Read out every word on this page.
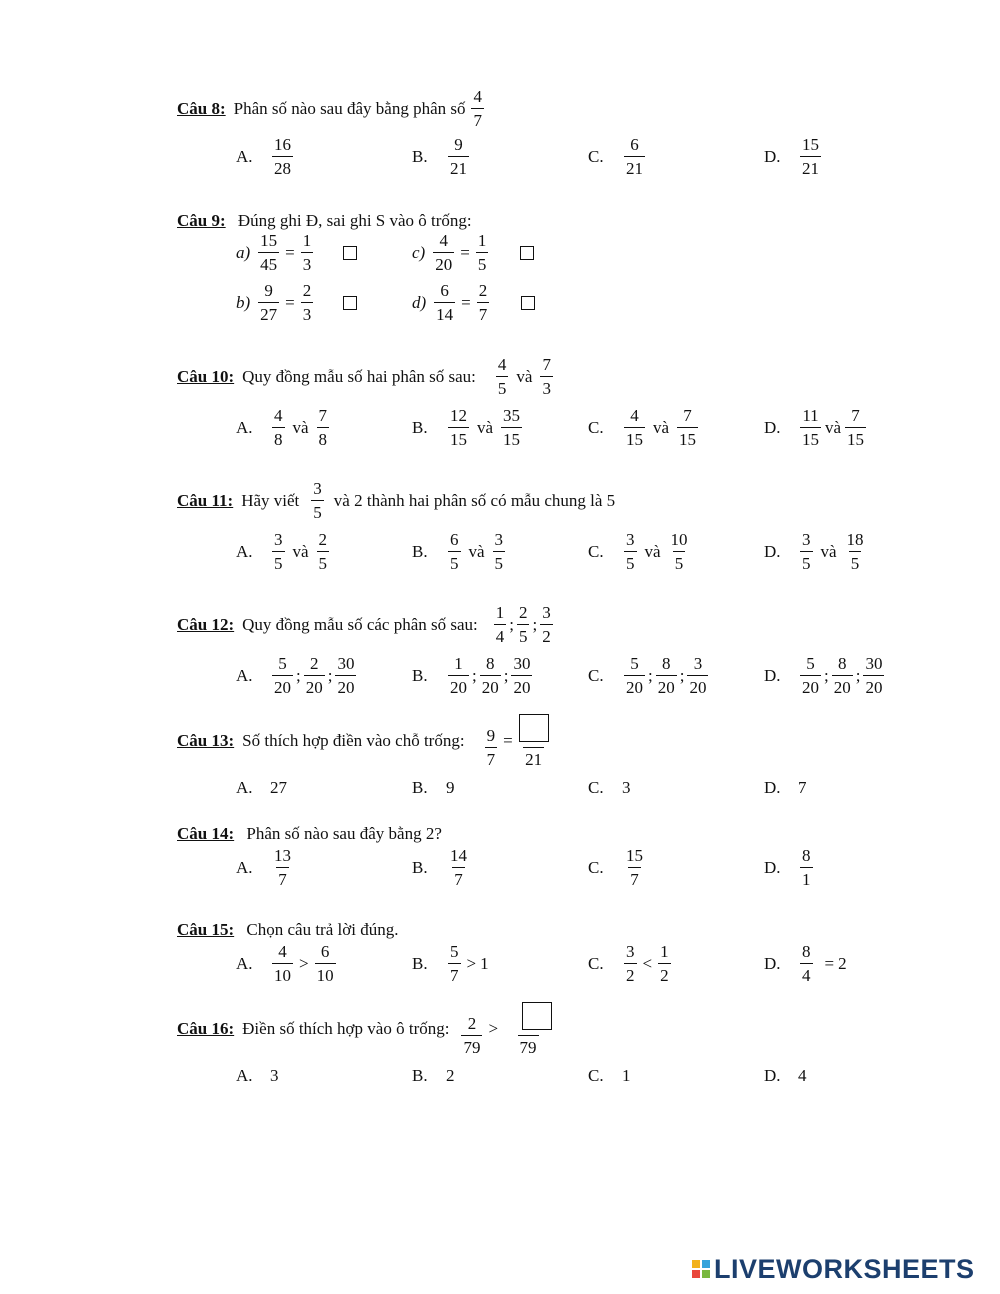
Câu 8: Phân số nào sau đây bằng phân số $\frac{4}{7}$
A.	$\frac{16}{28}$	B.	$\frac{9}{21}$	C.	$\frac{6}{21}$	D.	$\frac{15}{21}$
Câu 9: Đúng ghi Đ, sai ghi S vào ô trống:
$a) \frac{15}{45} = \frac{1}{3}$	$c) \frac{4}{20} = \frac{1}{5}$
$b) \frac{9}{27} = \frac{2}{3}$	$d) \frac{6}{14} = \frac{2}{7}$
Câu 10: Quy đồng mẫu số hai phân số sau: $\frac{4}{5}$ và $\frac{7}{3}$
A.	$\frac{4}{8}$ và $\frac{7}{8}$	B.	$\frac{12}{15}$ và $\frac{35}{15}$	C.	$\frac{4}{15}$ và $\frac{7}{15}$	D.	$\frac{11}{15}$ và $\frac{7}{15}$
Câu 11: Hãy viết $\frac{3}{5}$ và 2 thành hai phân số có mẫu chung là 5
A.	$\frac{3}{5}$ và $\frac{2}{5}$	B.	$\frac{6}{5}$ và $\frac{3}{5}$	C.	$\frac{3}{5}$ và $\frac{10}{5}$	D.	$\frac{3}{5}$ và $\frac{18}{5}$
Câu 12: Quy đồng mẫu số các phân số sau: $\frac{1}{4}$ ; $\frac{2}{5}$ ; $\frac{3}{2}$
A.	$\frac{5}{20}$ ; $\frac{2}{20}$ ; $\frac{30}{20}$	B.	$\frac{1}{20}$ ; $\frac{8}{20}$ ; $\frac{30}{20}$	C.	$\frac{5}{20}$ ; $\frac{8}{20}$ ; $\frac{3}{20}$	D.	$\frac{5}{20}$ ; $\frac{8}{20}$ ; $\frac{30}{20}$
Câu 13: Số thích hợp điền vào chỗ trống: $\frac{9}{7}$ =
21
A.	27	B.	9	C.	3	D.	7
Câu 14: Phân số nào sau đây bằng 2?
A.	$\frac{13}{7}$	B.	$\frac{14}{7}$	C.	$\frac{15}{7}$	D.	$\frac{8}{1}$
Câu 15: Chọn câu trả lời đúng.
A.	$\frac{4}{10} > \frac{6}{10}$	B.	$\frac{5}{7} > 1$	C.	$\frac{3}{2} < \frac{1}{2}$	D.	$\frac{8}{4} = 2$
Câu 16: Điền số thích hợp vào ô trống: $\frac{2}{79}$ >
79
A.	3	B.	2	C.	1	D.	4
LIVEWORKSHEETS
